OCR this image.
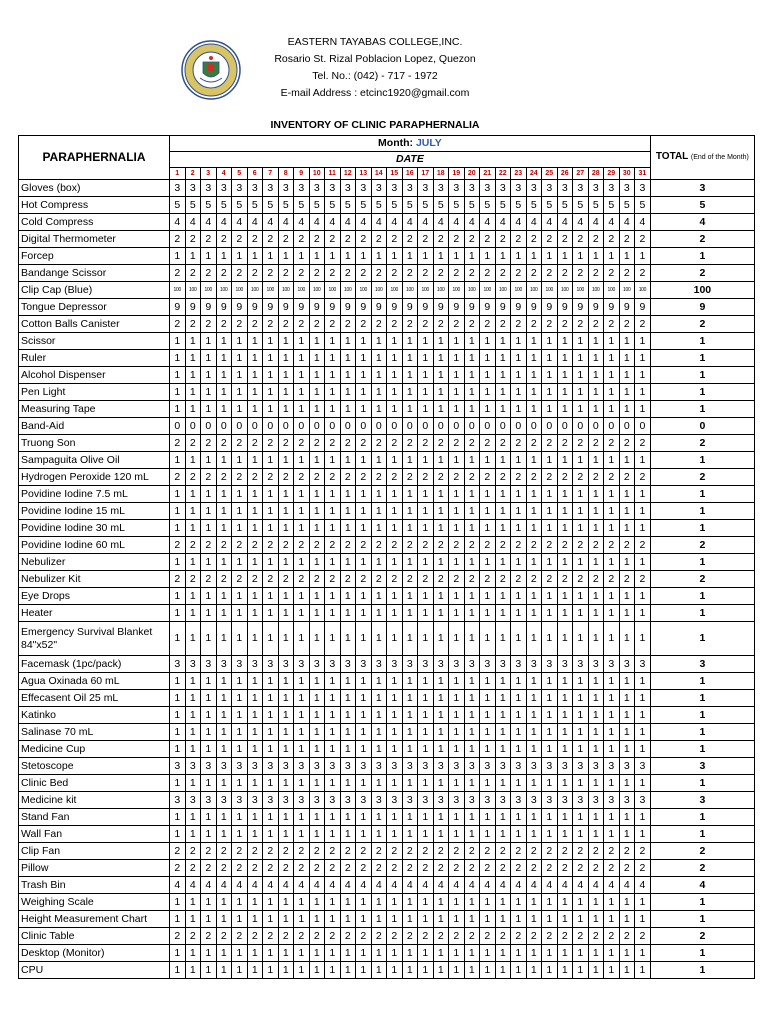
EASTERN TAYABAS COLLEGE,INC.
Rosario St. Rizal Poblacion Lopez, Quezon
Tel. No.: (042) - 717 - 1972
E-mail Address : etcinc1920@gmail.com
INVENTORY OF CLINIC PARAPHERNALIA
PARAPHERNALIA	Month: JULY																															TOTAL (End of the Month)
	DATE																															
	1	2	3	4	5	6	7	8	9	10	11	12	13	14	15	16	17	18	19	20	21	22	23	24	25	26	27	28	29	30	31	
Gloves (box)	3	3	3	3	3	3	3	3	3	3	3	3	3	3	3	3	3	3	3	3	3	3	3	3	3	3	3	3	3	3	3	3
Hot Compress	5	5	5	5	5	5	5	5	5	5	5	5	5	5	5	5	5	5	5	5	5	5	5	5	5	5	5	5	5	5	5	5
Cold Compress	4	4	4	4	4	4	4	4	4	4	4	4	4	4	4	4	4	4	4	4	4	4	4	4	4	4	4	4	4	4	4	4
Digital Thermometer	2	2	2	2	2	2	2	2	2	2	2	2	2	2	2	2	2	2	2	2	2	2	2	2	2	2	2	2	2	2	2	2
Forcep	1	1	1	1	1	1	1	1	1	1	1	1	1	1	1	1	1	1	1	1	1	1	1	1	1	1	1	1	1	1	1	1
Bandange Scissor	2	2	2	2	2	2	2	2	2	2	2	2	2	2	2	2	2	2	2	2	2	2	2	2	2	2	2	2	2	2	2	2
Clip Cap (Blue)	100	100	100	100	100	100	100	100	100	100	100	100	100	100	100	100	100	100	100	100	100	100	100	100	100	100	100	100	100	100	100	100
Tongue Depressor	9	9	9	9	9	9	9	9	9	9	9	9	9	9	9	9	9	9	9	9	9	9	9	9	9	9	9	9	9	9	9	9
Cotton Balls Canister	2	2	2	2	2	2	2	2	2	2	2	2	2	2	2	2	2	2	2	2	2	2	2	2	2	2	2	2	2	2	2	2
Scissor	1	1	1	1	1	1	1	1	1	1	1	1	1	1	1	1	1	1	1	1	1	1	1	1	1	1	1	1	1	1	1	1
Ruler	1	1	1	1	1	1	1	1	1	1	1	1	1	1	1	1	1	1	1	1	1	1	1	1	1	1	1	1	1	1	1	1
Alcohol Dispenser	1	1	1	1	1	1	1	1	1	1	1	1	1	1	1	1	1	1	1	1	1	1	1	1	1	1	1	1	1	1	1	1
Pen Light	1	1	1	1	1	1	1	1	1	1	1	1	1	1	1	1	1	1	1	1	1	1	1	1	1	1	1	1	1	1	1	1
Measuring Tape	1	1	1	1	1	1	1	1	1	1	1	1	1	1	1	1	1	1	1	1	1	1	1	1	1	1	1	1	1	1	1	1
Band-Aid	0	0	0	0	0	0	0	0	0	0	0	0	0	0	0	0	0	0	0	0	0	0	0	0	0	0	0	0	0	0	0	0
Truong Son	2	2	2	2	2	2	2	2	2	2	2	2	2	2	2	2	2	2	2	2	2	2	2	2	2	2	2	2	2	2	2	2
Sampaguita Olive Oil	1	1	1	1	1	1	1	1	1	1	1	1	1	1	1	1	1	1	1	1	1	1	1	1	1	1	1	1	1	1	1	1
Hydrogen Peroxide 120 mL	2	2	2	2	2	2	2	2	2	2	2	2	2	2	2	2	2	2	2	2	2	2	2	2	2	2	2	2	2	2	2	2
Povidine Iodine 7.5 mL	1	1	1	1	1	1	1	1	1	1	1	1	1	1	1	1	1	1	1	1	1	1	1	1	1	1	1	1	1	1	1	1
Povidine Iodine 15 mL	1	1	1	1	1	1	1	1	1	1	1	1	1	1	1	1	1	1	1	1	1	1	1	1	1	1	1	1	1	1	1	1
Povidine Iodine 30 mL	1	1	1	1	1	1	1	1	1	1	1	1	1	1	1	1	1	1	1	1	1	1	1	1	1	1	1	1	1	1	1	1
Povidine Iodine 60 mL	2	2	2	2	2	2	2	2	2	2	2	2	2	2	2	2	2	2	2	2	2	2	2	2	2	2	2	2	2	2	2	2
Nebulizer	1	1	1	1	1	1	1	1	1	1	1	1	1	1	1	1	1	1	1	1	1	1	1	1	1	1	1	1	1	1	1	1
Nebulizer Kit	2	2	2	2	2	2	2	2	2	2	2	2	2	2	2	2	2	2	2	2	2	2	2	2	2	2	2	2	2	2	2	2
Eye Drops	1	1	1	1	1	1	1	1	1	1	1	1	1	1	1	1	1	1	1	1	1	1	1	1	1	1	1	1	1	1	1	1
Heater	1	1	1	1	1	1	1	1	1	1	1	1	1	1	1	1	1	1	1	1	1	1	1	1	1	1	1	1	1	1	1	1
Emergency Survival Blanket 84"x52"	1	1	1	1	1	1	1	1	1	1	1	1	1	1	1	1	1	1	1	1	1	1	1	1	1	1	1	1	1	1	1	1
Facemask (1pc/pack)	3	3	3	3	3	3	3	3	3	3	3	3	3	3	3	3	3	3	3	3	3	3	3	3	3	3	3	3	3	3	3	3
Agua Oxinada 60 mL	1	1	1	1	1	1	1	1	1	1	1	1	1	1	1	1	1	1	1	1	1	1	1	1	1	1	1	1	1	1	1	1
Effecasent Oil 25 mL	1	1	1	1	1	1	1	1	1	1	1	1	1	1	1	1	1	1	1	1	1	1	1	1	1	1	1	1	1	1	1	1
Katinko	1	1	1	1	1	1	1	1	1	1	1	1	1	1	1	1	1	1	1	1	1	1	1	1	1	1	1	1	1	1	1	1
Salinase 70 mL	1	1	1	1	1	1	1	1	1	1	1	1	1	1	1	1	1	1	1	1	1	1	1	1	1	1	1	1	1	1	1	1
Medicine Cup	1	1	1	1	1	1	1	1	1	1	1	1	1	1	1	1	1	1	1	1	1	1	1	1	1	1	1	1	1	1	1	1
Stetoscope	3	3	3	3	3	3	3	3	3	3	3	3	3	3	3	3	3	3	3	3	3	3	3	3	3	3	3	3	3	3	3	3
Clinic Bed	1	1	1	1	1	1	1	1	1	1	1	1	1	1	1	1	1	1	1	1	1	1	1	1	1	1	1	1	1	1	1	1
Medicine kit	3	3	3	3	3	3	3	3	3	3	3	3	3	3	3	3	3	3	3	3	3	3	3	3	3	3	3	3	3	3	3	3
Stand Fan	1	1	1	1	1	1	1	1	1	1	1	1	1	1	1	1	1	1	1	1	1	1	1	1	1	1	1	1	1	1	1	1
Wall Fan	1	1	1	1	1	1	1	1	1	1	1	1	1	1	1	1	1	1	1	1	1	1	1	1	1	1	1	1	1	1	1	1
Clip Fan	2	2	2	2	2	2	2	2	2	2	2	2	2	2	2	2	2	2	2	2	2	2	2	2	2	2	2	2	2	2	2	2
Pillow	2	2	2	2	2	2	2	2	2	2	2	2	2	2	2	2	2	2	2	2	2	2	2	2	2	2	2	2	2	2	2	2
Trash Bin	4	4	4	4	4	4	4	4	4	4	4	4	4	4	4	4	4	4	4	4	4	4	4	4	4	4	4	4	4	4	4	4
Weighing Scale	1	1	1	1	1	1	1	1	1	1	1	1	1	1	1	1	1	1	1	1	1	1	1	1	1	1	1	1	1	1	1	1
Height Measurement Chart	1	1	1	1	1	1	1	1	1	1	1	1	1	1	1	1	1	1	1	1	1	1	1	1	1	1	1	1	1	1	1	1
Clinic Table	2	2	2	2	2	2	2	2	2	2	2	2	2	2	2	2	2	2	2	2	2	2	2	2	2	2	2	2	2	2	2	2
Desktop (Monitor)	1	1	1	1	1	1	1	1	1	1	1	1	1	1	1	1	1	1	1	1	1	1	1	1	1	1	1	1	1	1	1	1
CPU	1	1	1	1	1	1	1	1	1	1	1	1	1	1	1	1	1	1	1	1	1	1	1	1	1	1	1	1	1	1	1	1
